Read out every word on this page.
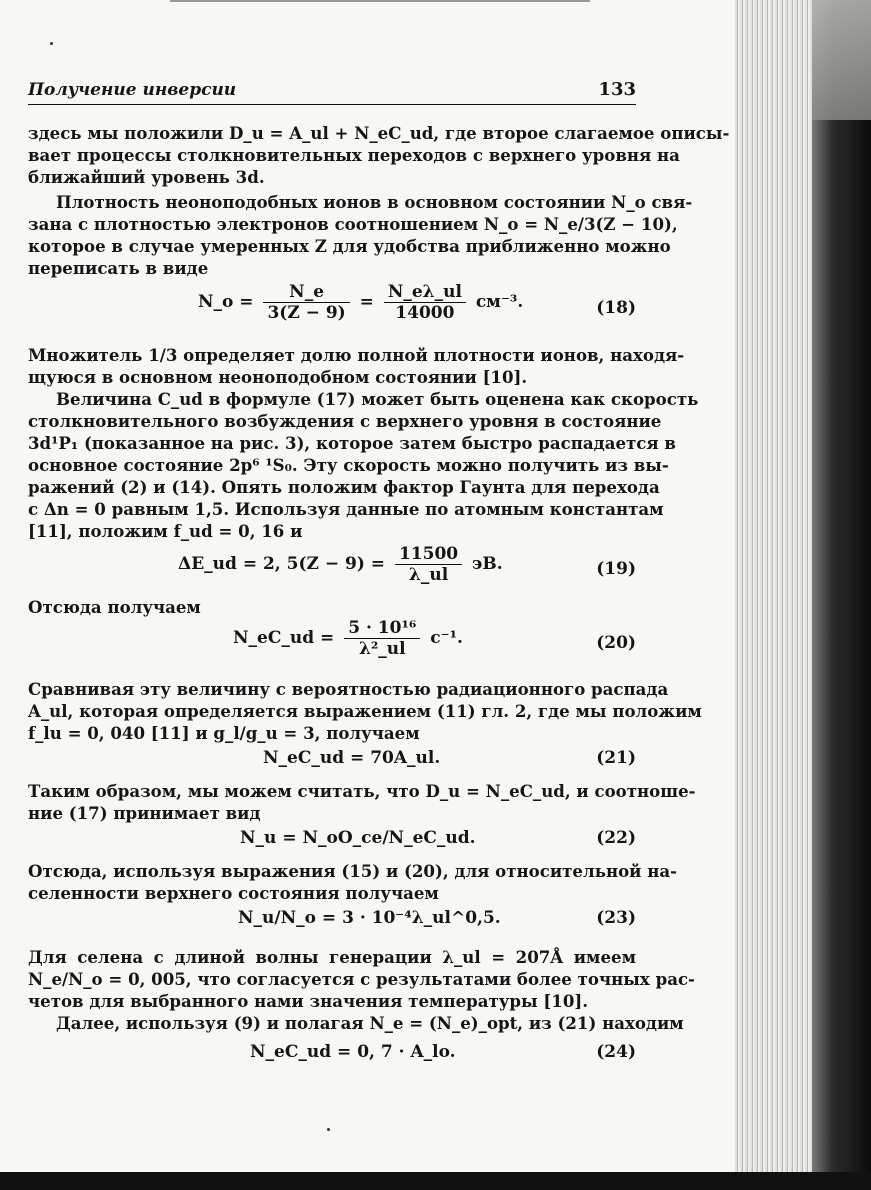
Получение инверсии	133
здесь мы положили D_u = A_ul + N_eC_ud, где второе слагаемое описы-
вает процессы столкновительных переходов с верхнего уровня на
ближайший уровень 3d.
Плотность неоноподобных ионов в основном состоянии N_o свя-
зана с плотностью электронов соотношением N_o = N_e/3(Z − 10),
которое в случае умеренных Z для удобства приближенно можно
переписать в виде
N_o = $\frac{N\_e}{3(Z - 9)} = \frac{N\_e\lambda\_ul}{14000} см^{-3}$.	(18)
Множитель 1/3 определяет долю полной плотности ионов, находя-
щуюся в основном неоноподобном состоянии [10].
Величина C_ud в формуле (17) может быть оценена как скорость
столкновительного возбуждения с верхнего уровня в состояние
3d¹P₁ (показанное на рис. 3), которое затем быстро распадается в
основное состояние 2p⁶ ¹S₀. Эту скорость можно получить из вы-
ражений (2) и (14). Опять положим фактор Гаунта для перехода
с Δn = 0 равным 1,5. Используя данные по атомным константам
[11], положим f_ud = 0, 16 и
ΔE_ud = 2, $5(Z - 9) = \frac{11500}{\lambda\_ul}$ эВ.	(19)
Отсюда получаем
N_eC_ud = $\frac{\text{5 · 10¹⁶}}{\text{λ²\_ul}} с^{-1}$.	(20)
Сравнивая эту величину с вероятностью радиационного распада
A_ul, которая определяется выражением (11) гл. 2, где мы положим
f_lu = 0, 040 [11] и g_l/g_u = 3, получаем
N_eC_ud = 70A_ul.	(21)
Таким образом, мы можем считать, что D_u = N_eC_ud, и соотноше-
ние (17) принимает вид
N_u = N_oO_ce/N_eC_ud.	(22)
Отсюда, используя выражения (15) и (20), для относительной на-
селенности верхнего состояния получаем
N_u/N_o = 3 · 10⁻⁴λ_ul^0,5.	(23)
Для селена с длиной волны генерации λ_ul = 207Å имеем
N_e/N_o = 0, 005, что согласуется с результатами более точных рас-
четов для выбранного нами значения температуры [10].
Далее, используя (9) и полагая N_e = (N_e)_opt, из (21) находим
N_eC_ud = 0, 7 · A_lo.	(24)
